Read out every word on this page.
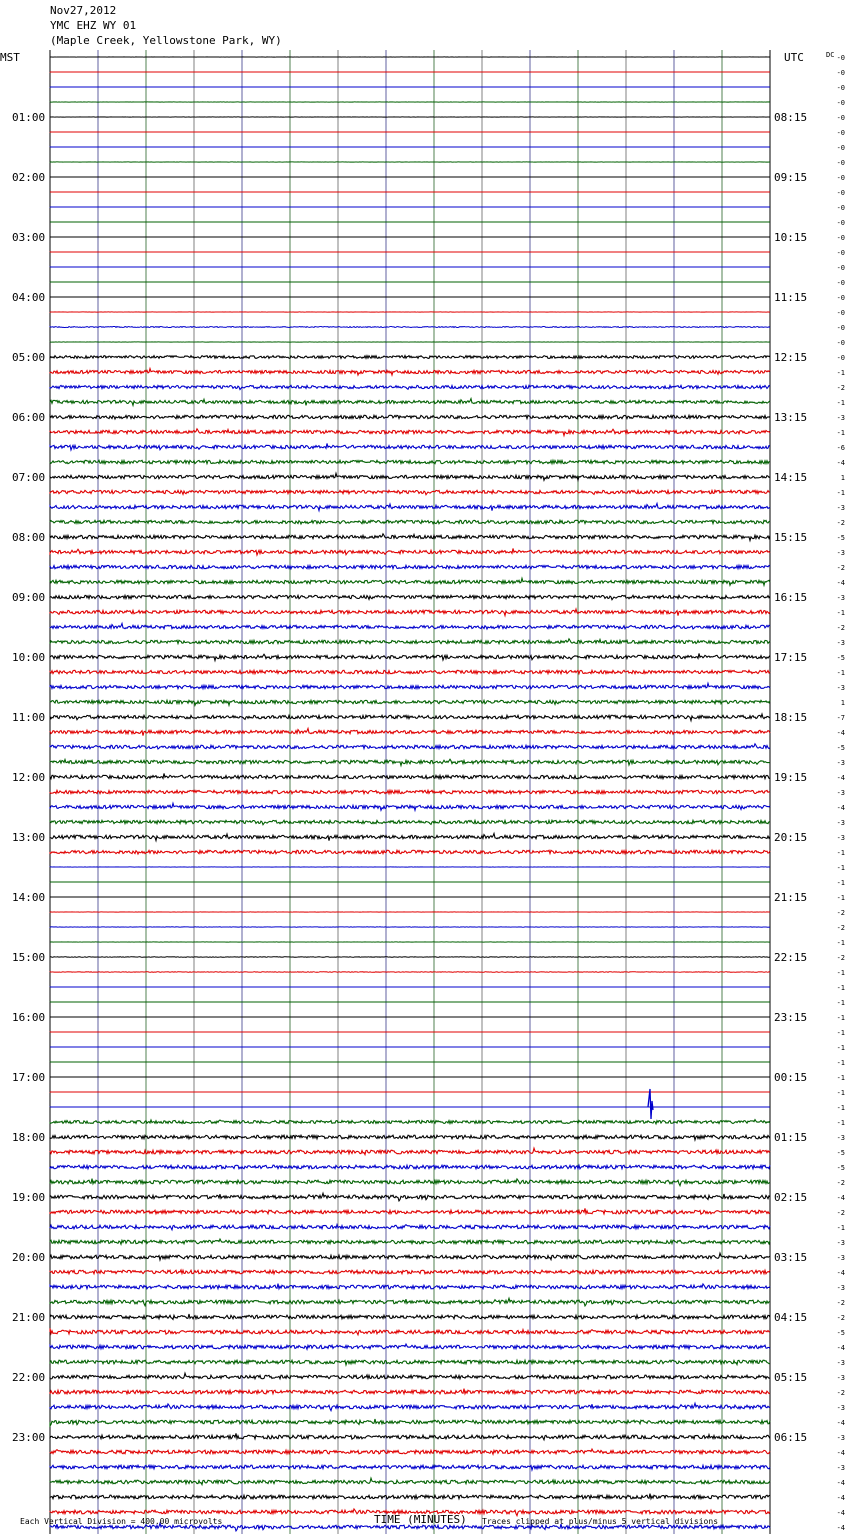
Nov27,2012
YMC EHZ WY 01
(Maple Creek, Yellowstone Park, WY)
01:00
02:00
03:00
04:00
05:00
06:00
07:00
08:00
09:00
10:00
11:00
12:00
13:00
14:00
15:00
16:00
17:00
18:00
19:00
20:00
21:00
22:00
23:00
08:15
09:15
10:15
11:15
12:15
13:15
14:15
15:15
16:15
17:15
18:15
19:15
20:15
21:15
22:15
23:15
00:15
01:15
02:15
03:15
04:15
05:15
06:15
-0
-0
-0
-0
-0
-0
-0
-0
-0
-0
-0
-0
-0
-0
-0
-0
-0
-0
-0
-0
-0
-1
-2
-1
-3
-1
-6
-4
1
-1
-3
-2
-5
-3
-2
-4
-3
-1
-2
-3
-5
-1
-3
1
-7
-4
-5
-3
-4
-3
-4
-3
-3
-1
-1
-1
-1
-2
-2
-1
-2
-1
-1
-1
-1
-1
-1
-1
-1
-1
-1
-1
-3
-5
-5
-2
-4
-2
-1
-3
-3
-4
-3
-2
-2
-5
-4
-3
-3
-2
-3
-4
-3
-4
-3
-4
-4
-4
-4
MST	UTC	DC
TIME (MINUTES)
Each Vertical Division = 400.00 microvolts	Traces clipped at plus/minus 5 vertical divisions
